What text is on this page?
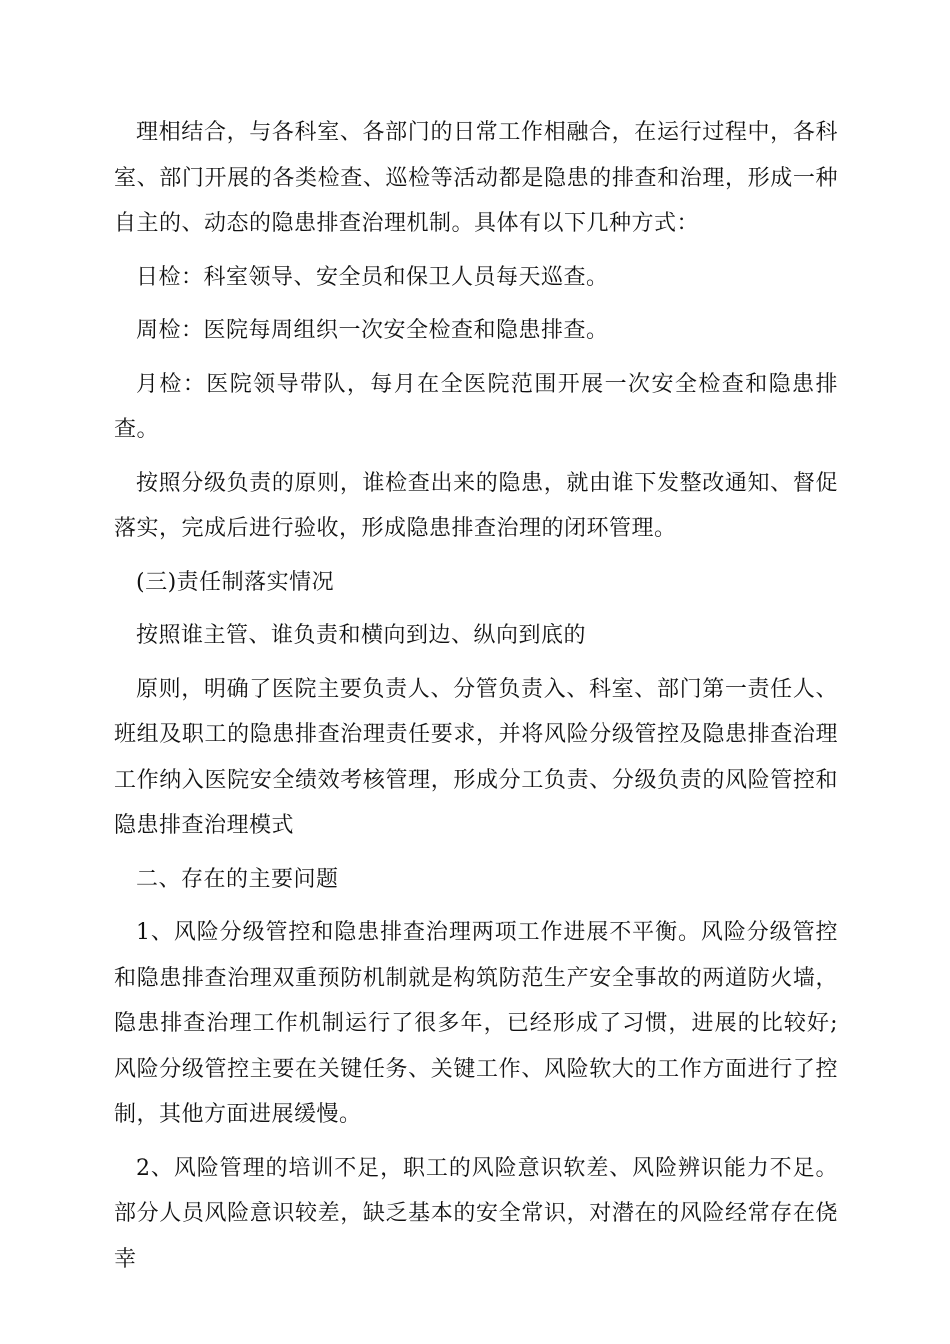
理相结合，与各科室、各部门的日常工作相融合，在运行过程中，各科室、部门开展的各类检查、巡检等活动都是隐患的排查和治理，形成一种自主的、动态的隐患排查治理机制。具体有以下几种方式：

日检：科室领导、安全员和保卫人员每天巡查。

周检：医院每周组织一次安全检查和隐患排查。

月检：医院领导带队，每月在全医院范围开展一次安全检查和隐患排查。

按照分级负责的原则，谁检查出来的隐患，就由谁下发整改通知、督促落实，完成后进行验收，形成隐患排查治理的闭环管理。

(三)责任制落实情况

按照谁主管、谁负责和横向到边、纵向到底的

原则，明确了医院主要负责人、分管负责入、科室、部门第一责任人、班组及职工的隐患排查治理责任要求，并将风险分级管控及隐患排查治理工作纳入医院安全绩效考核管理，形成分工负责、分级负责的风险管控和隐患排查治理模式

二、存在的主要问题

1、风险分级管控和隐患排查治理两项工作进展不平衡。风险分级管控和隐患排查治理双重预防机制就是构筑防范生产安全事故的两道防火墙，隐患排查治理工作机制运行了很多年，已经形成了习惯，进展的比较好;风险分级管控主要在关键任务、关键工作、风险软大的工作方面进行了控制，其他方面进展缓慢。

2、风险管理的培训不足，职工的风险意识软差、风险辨识能力不足。部分人员风险意识较差，缺乏基本的安全常识，对潜在的风险经常存在侥幸
